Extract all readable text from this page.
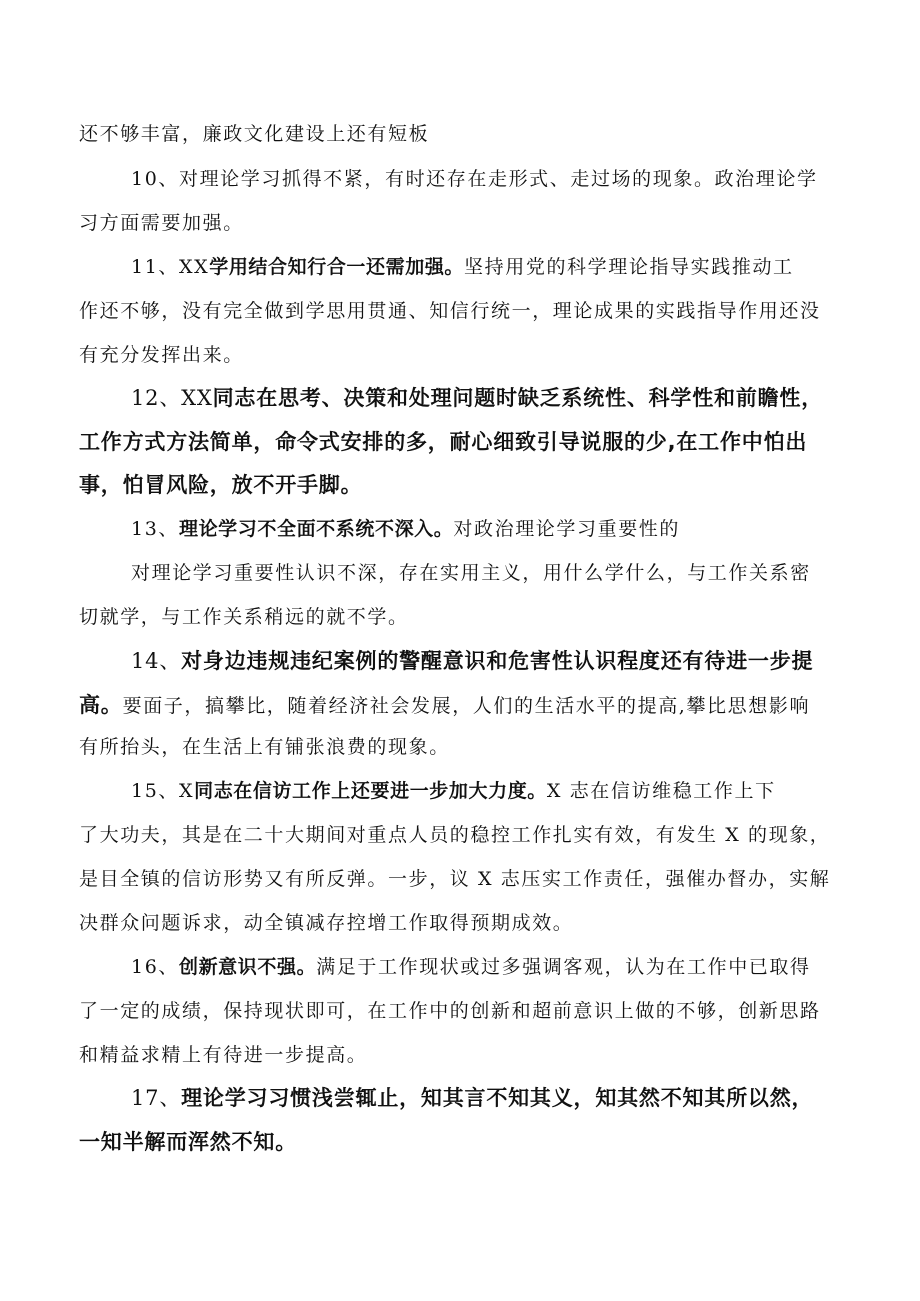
还不够丰富，廉政文化建设上还有短板
10、对理论学习抓得不紧，有时还存在走形式、走过场的现象。政治理论学
习方面需要加强。
11、XX学用结合知行合一还需加强。坚持用党的科学理论指导实践推动工
作还不够，没有完全做到学思用贯通、知信行统一，理论成果的实践指导作用还没
有充分发挥出来。
12、XX同志在思考、决策和处理问题时缺乏系统性、科学性和前瞻性，
工作方式方法简单，命令式安排的多，耐心细致引导说服的少,在工作中怕出
事，怕冒风险，放不开手脚。
13、理论学习不全面不系统不深入。对政治理论学习重要性的
对理论学习重要性认识不深，存在实用主义，用什么学什么，与工作关系密
切就学，与工作关系稍远的就不学。
14、对身边违规违纪案例的警醒意识和危害性认识程度还有待进一步提
高。要面子，搞攀比，随着经济社会发展，人们的生活水平的提高,攀比思想影响
有所抬头，在生活上有铺张浪费的现象。
15、X同志在信访工作上还要进一步加大力度。X 志在信访维稳工作上下
了大功夫，其是在二十大期间对重点人员的稳控工作扎实有效，有发生 X 的现象，
是目全镇的信访形势又有所反弹。一步，议 X 志压实工作责任，强催办督办，实解
决群众问题诉求，动全镇减存控增工作取得预期成效。
16、创新意识不强。满足于工作现状或过多强调客观，认为在工作中已取得
了一定的成绩，保持现状即可，在工作中的创新和超前意识上做的不够，创新思路
和精益求精上有待进一步提高。
17、理论学习习惯浅尝辄止，知其言不知其义，知其然不知其所以然，
一知半解而浑然不知。
